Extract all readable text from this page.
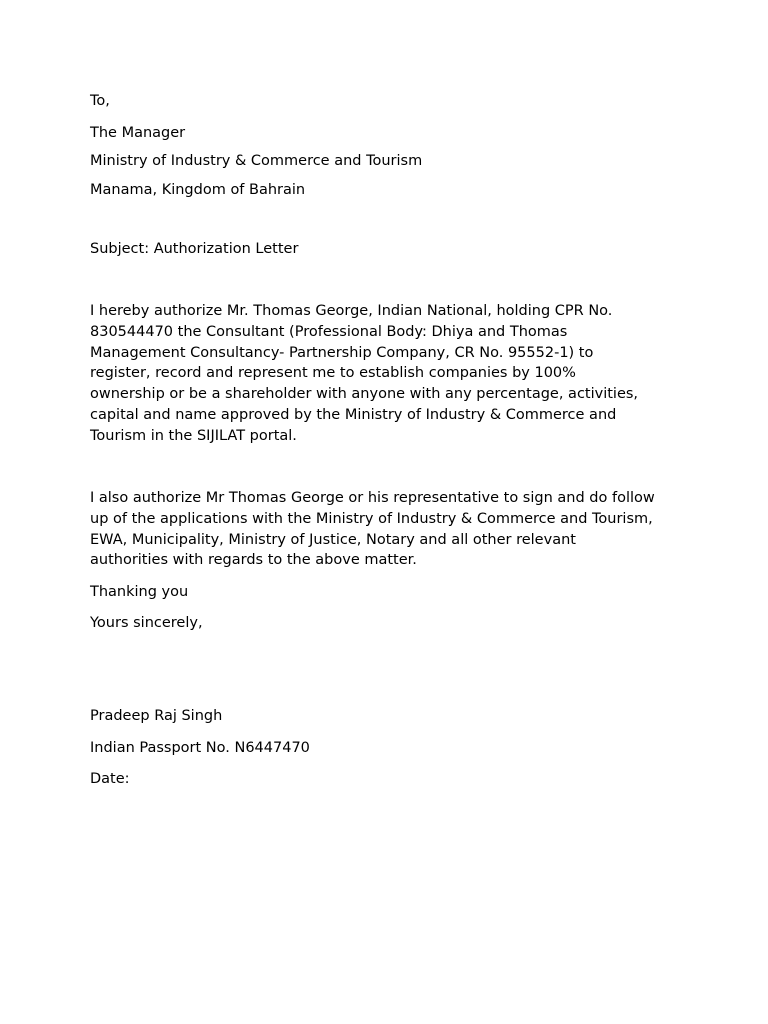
To,

The Manager

Ministry of Industry & Commerce and Tourism

Manama, Kingdom of Bahrain

Subject: Authorization Letter

I hereby authorize Mr. Thomas George, Indian National, holding CPR No.
830544470 the Consultant (Professional Body: Dhiya and Thomas
Management Consultancy- Partnership Company, CR No. 95552-1) to
register, record and represent me to establish companies by 100%
ownership or be a shareholder with anyone with any percentage, activities,
capital and name approved by the Ministry of Industry & Commerce and
Tourism in the SIJILAT portal.
I also authorize Mr Thomas George or his representative to sign and do follow
up of the applications with the Ministry of Industry & Commerce and Tourism,
EWA, Municipality, Ministry of Justice, Notary and all other relevant
authorities with regards to the above matter.

Thanking you

Yours sincerely,

Pradeep Raj Singh

Indian Passport No. N6447470

Date:
